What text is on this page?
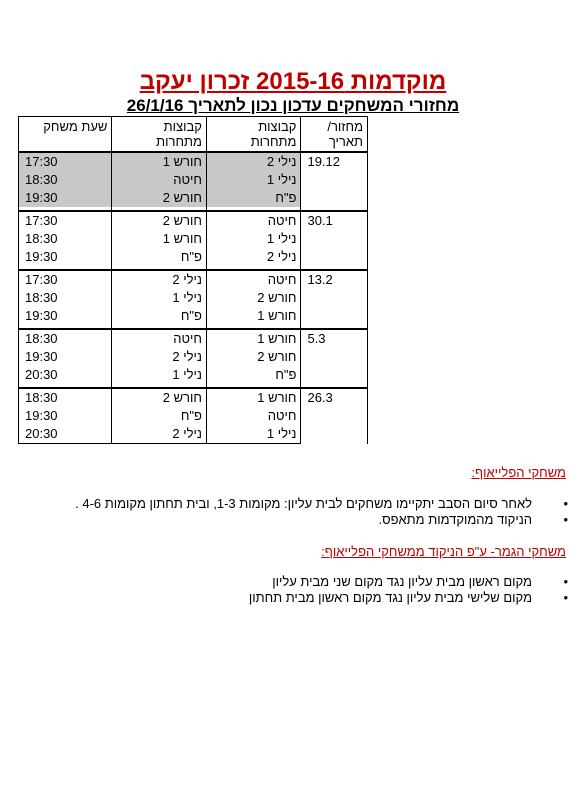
מוקדמות 2015-16 זכרון יעקב
מחזורי המשחקים עדכון נכון לתאריך 26/1/16
מחזור/ תאריך	קבוצות מתחרות	קבוצות מתחרות	שעת משחק
19.12	נילי 2	חורש 1	17:30
	נילי 1	חיטה	18:30
	פ"ח	חורש 2	19:30

30.1	חיטה	חורש 2	17:30
	נילי 1	חורש 1	18:30
	נילי 2	פ"ח	19:30

13.2	חיטה	נילי 2	17:30
	חורש 2	נילי 1	18:30
	חורש 1	פ"ח	19:30

5.3	חורש 1	חיטה	18:30
	חורש 2	נילי 2	19:30
	פ"ח	נילי 1	20:30

26.3	חורש 1	חורש 2	18:30
	חיטה	פ"ח	19:30
	נילי 1	נילי 2	20:30
משחקי הפלייאוף:
• לאחר סיום הסבב יתקיימו משחקים לבית עליון: מקומות 1-3, ובית תחתון מקומות 4-6 .
• הניקוד מהמוקדמות מתאפס.
משחקי הגמר- ע"פ הניקוד ממשחקי הפלייאוף:
• מקום ראשון מבית עליון נגד מקום שני מבית עליון
• מקום שלישי מבית עליון נגד מקום ראשון מבית תחתון
